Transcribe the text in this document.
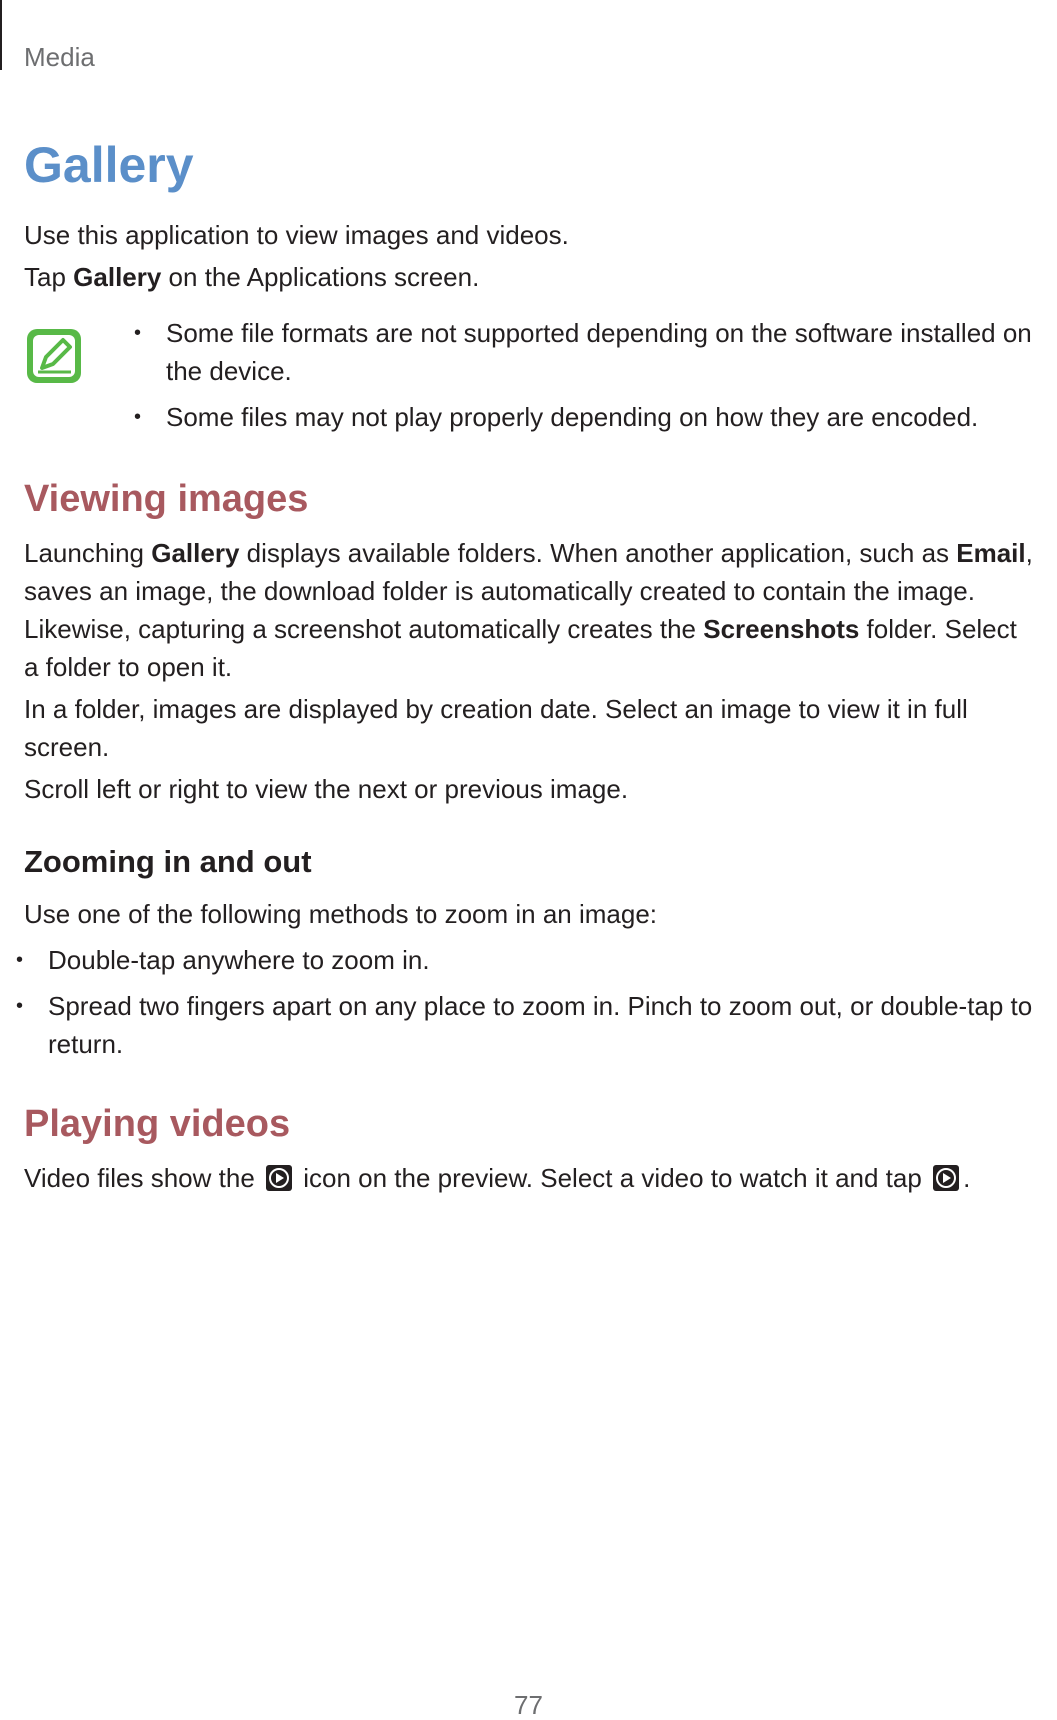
Media
Gallery

Use this application to view images and videos.

Tap Gallery on the Applications screen.

• Some file formats are not supported depending on the software installed on the device.
• Some files may not play properly depending on how they are encoded.
Viewing images

Launching Gallery displays available folders. When another application, such as Email, saves an image, the download folder is automatically created to contain the image. Likewise, capturing a screenshot automatically creates the Screenshots folder. Select a folder to open it.

In a folder, images are displayed by creation date. Select an image to view it in full screen.

Scroll left or right to view the next or previous image.

Zooming in and out

Use one of the following methods to zoom in an image:

• Double-tap anywhere to zoom in.
• Spread two fingers apart on any place to zoom in. Pinch to zoom out, or double-tap to return.
Playing videos

Video files show the  icon on the preview. Select a video to watch it and tap .

77
